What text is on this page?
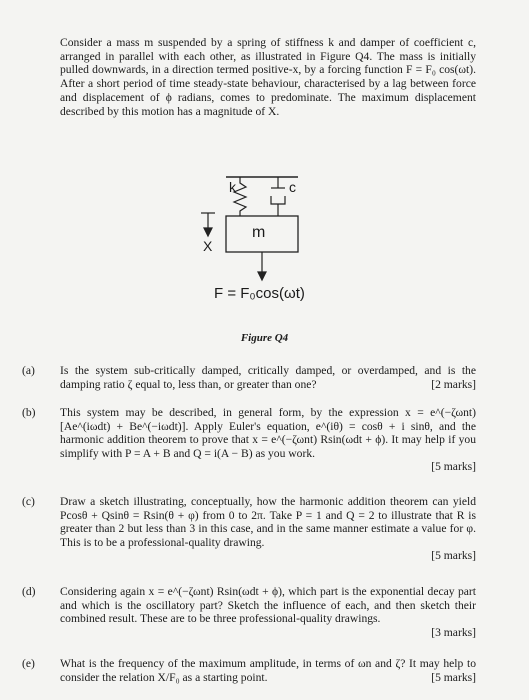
Consider a mass m suspended by a spring of stiffness k and damper of coefficient c, arranged in parallel with each other, as illustrated in Figure Q4. The mass is initially pulled downwards, in a direction termed positive-x, by a forcing function F = F₀ cos(ωt). After a short period of time steady-state behaviour, characterised by a lag between force and displacement of ϕ radians, comes to predominate. The maximum displacement described by this motion has a magnitude of X.
k	c
m
X
F = F₀cos(ωt)
Figure Q4
(a) Is the system sub-critically damped, critically damped, or overdamped, and is the damping ratio ζ equal to, less than, or greater than one?	[2 marks]
(b) This system may be described, in general form, by the expression x = e^(−ζωnt)[Ae^(iωdt) + Be^(−iωdt)]. Apply Euler's equation, e^(iθ) = cosθ + i sinθ, and the harmonic addition theorem to prove that x = e^(−ζωnt) Rsin(ωdt + ϕ). It may help if you simplify with P = A + B and Q = i(A − B) as you work.
[5 marks]
(c) Draw a sketch illustrating, conceptually, how the harmonic addition theorem can yield Pcosθ + Qsinθ = Rsin(θ + φ) from 0 to 2π. Take P = 1 and Q = 2 to illustrate that R is greater than 2 but less than 3 in this case, and in the same manner estimate a value for φ. This is to be a professional-quality drawing.
[5 marks]
(d) Considering again x = e^(−ζωnt) Rsin(ωdt + ϕ), which part is the exponential decay part and which is the oscillatory part? Sketch the influence of each, and then sketch their combined result. These are to be three professional-quality drawings.
[3 marks]
(e) What is the frequency of the maximum amplitude, in terms of ωn and ζ? It may help to consider the relation X/F₀ as a starting point.	[5 marks]
